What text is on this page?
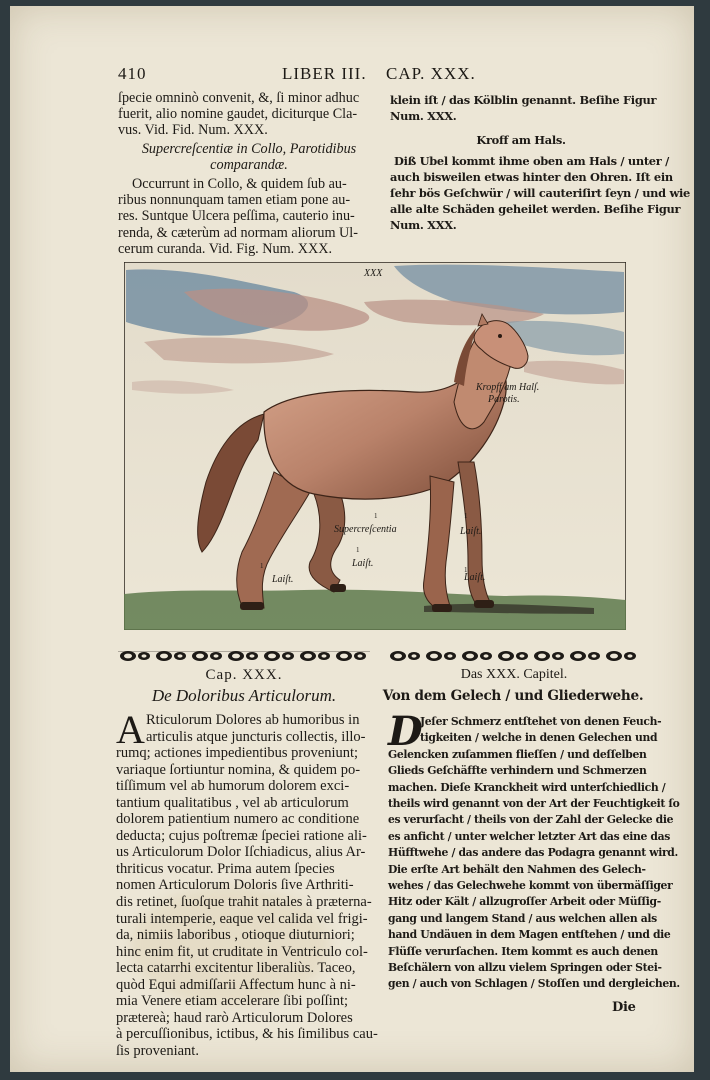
410	LIBER III. CAP. XXX.
ſpecie omninò convenit, &, ſi minor adhuc
fuerit, alio nomine gaudet, diciturque Cla-
vus. Vid. Fid. Num. XXX.
Supercreſcentiæ in Collo, Parotidibus
comparandæ.
Occurrunt in Collo, & quidem ſub au-
ribus nonnunquam tamen etiam pone au-
res. Suntque Ulcera peſſima, cauterio inu-
renda, & cæterùm ad normam aliorum Ul-
cerum curanda. Vid. Fig. Num. XXX.
klein iſt / das Kölblin genannt. Beſihe Figur
Num. XXX.
Kroff am Hals.
Diß Ubel kommt ihme oben am Hals / unter /
auch bisweilen etwas hinter den Ohren. Iſt ein
ſehr bös Geſchwür / will cauteriſirt ſeyn / und wie
alle alte Schäden geheilet werden. Beſihe Figur
Num. XXX.
XXX
Kropff am Halſ.
Parotis.
1
Supercreſcentia
1
Laiſt.
1
Laiſt.
1
Laiſt.
1
Laiſt.
Cap. XXX.
De Doloribus Articulorum.
Das XXX. Capitel.
Von dem Gelech / und Gliederwehe.
A Rticulorum Dolores ab humoribus in
articulis atque juncturis collectis, illo-
rumq; actiones impedientibus proveniunt;
variaque ſortiuntur nomina, & quidem po-
tiſſimum vel ab humorum dolorem exci-
tantium qualitatibus , vel ab articulorum
dolorem patientium numero ac conditione
deducta; cujus poſtremæ ſpeciei ratione ali-
us Articulorum Dolor Iſchiadicus, alius Ar-
thriticus vocatur. Prima autem ſpecies
nomen Articulorum Doloris ſive Arthriti-
dis retinet, ſuoſque trahit natales à præterna-
turali intemperie, eaque vel calida vel frigi-
da, nimiis laboribus , otioque diuturniori;
hinc enim fit, ut cruditate in Ventriculo col-
lecta catarrhi excitentur liberaliùs. Taceo,
quòd Equi admiſſarii Affectum hunc à ni-
mia Venere etiam accelerare ſibi poſſint;
prætereà; haud rarò Articulorum Dolores
à percuſſionibus, ictibus, & his ſimilibus cau-
ſis proveniant.
D
Jeſer Schmerz entſtehet von denen Feuch-
tigkeiten / welche in denen Gelechen und
Gelencken zuſammen flieſſen / und deſſelben
Glieds Geſchäffte verhindern und Schmerzen
machen. Dieſe Kranckheit wird unterſchiedlich /
theils wird genannt von der Art der Feuchtigkeit ſo
es verurſacht / theils von der Zahl der Gelecke die
es anficht / unter welcher letzter Art das eine das
Hüfftwehe / das andere das Podagra genannt wird.
Die erſte Art behält den Nahmen des Gelech-
wehes / das Gelechwehe kommt von übermäſſiger
Hitz oder Kält / allzugroſſer Arbeit oder Müſſig-
gang und langem Stand / aus welchen allen als
hand Undäuen in dem Magen entſtehen / und die
Flüſſe verurſachen. Item kommt es auch denen
Beſchälern von allzu vielem Springen oder Stei-
gen / auch von Schlagen / Stoſſen und dergleichen.
Die
